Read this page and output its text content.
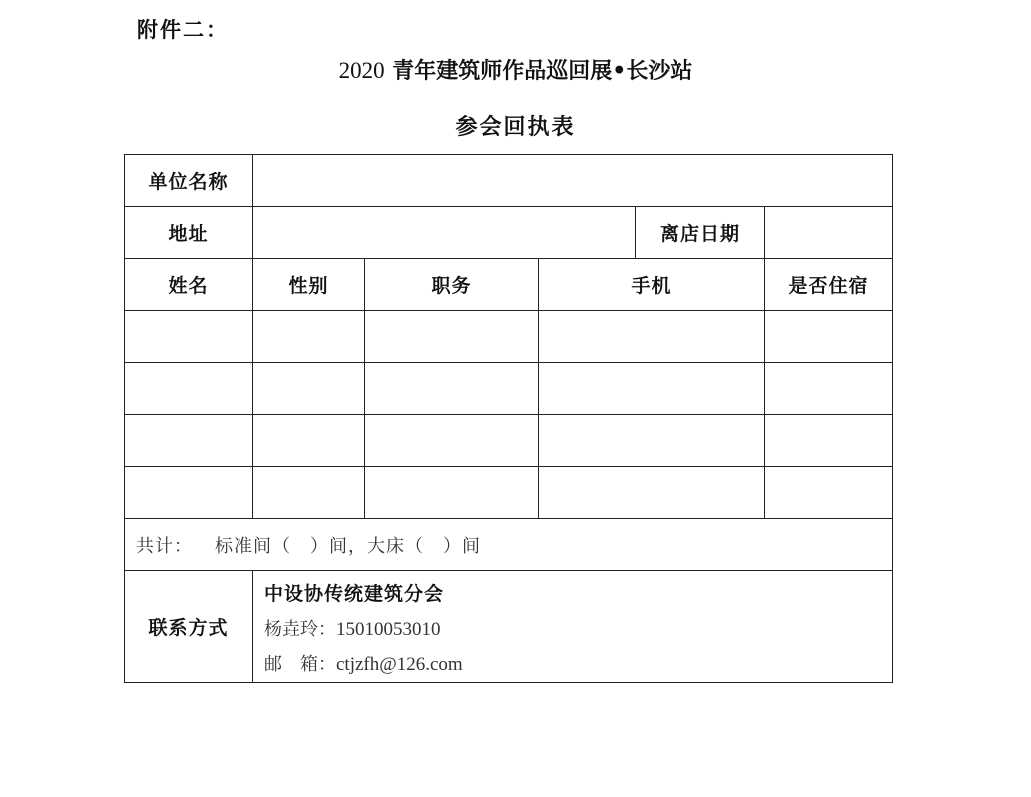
附件二：
2020 青年建筑师作品巡回展•长沙站
参会回执表
单位名称					
地址				离店日期	
姓名	性别	职务	手机		是否住宿

共计： 标准间（　）间，大床（　）间					
联系方式	中设协传统建筑分会
杨垚玲：15010053010
邮　箱：ctjzfh@126.com				
